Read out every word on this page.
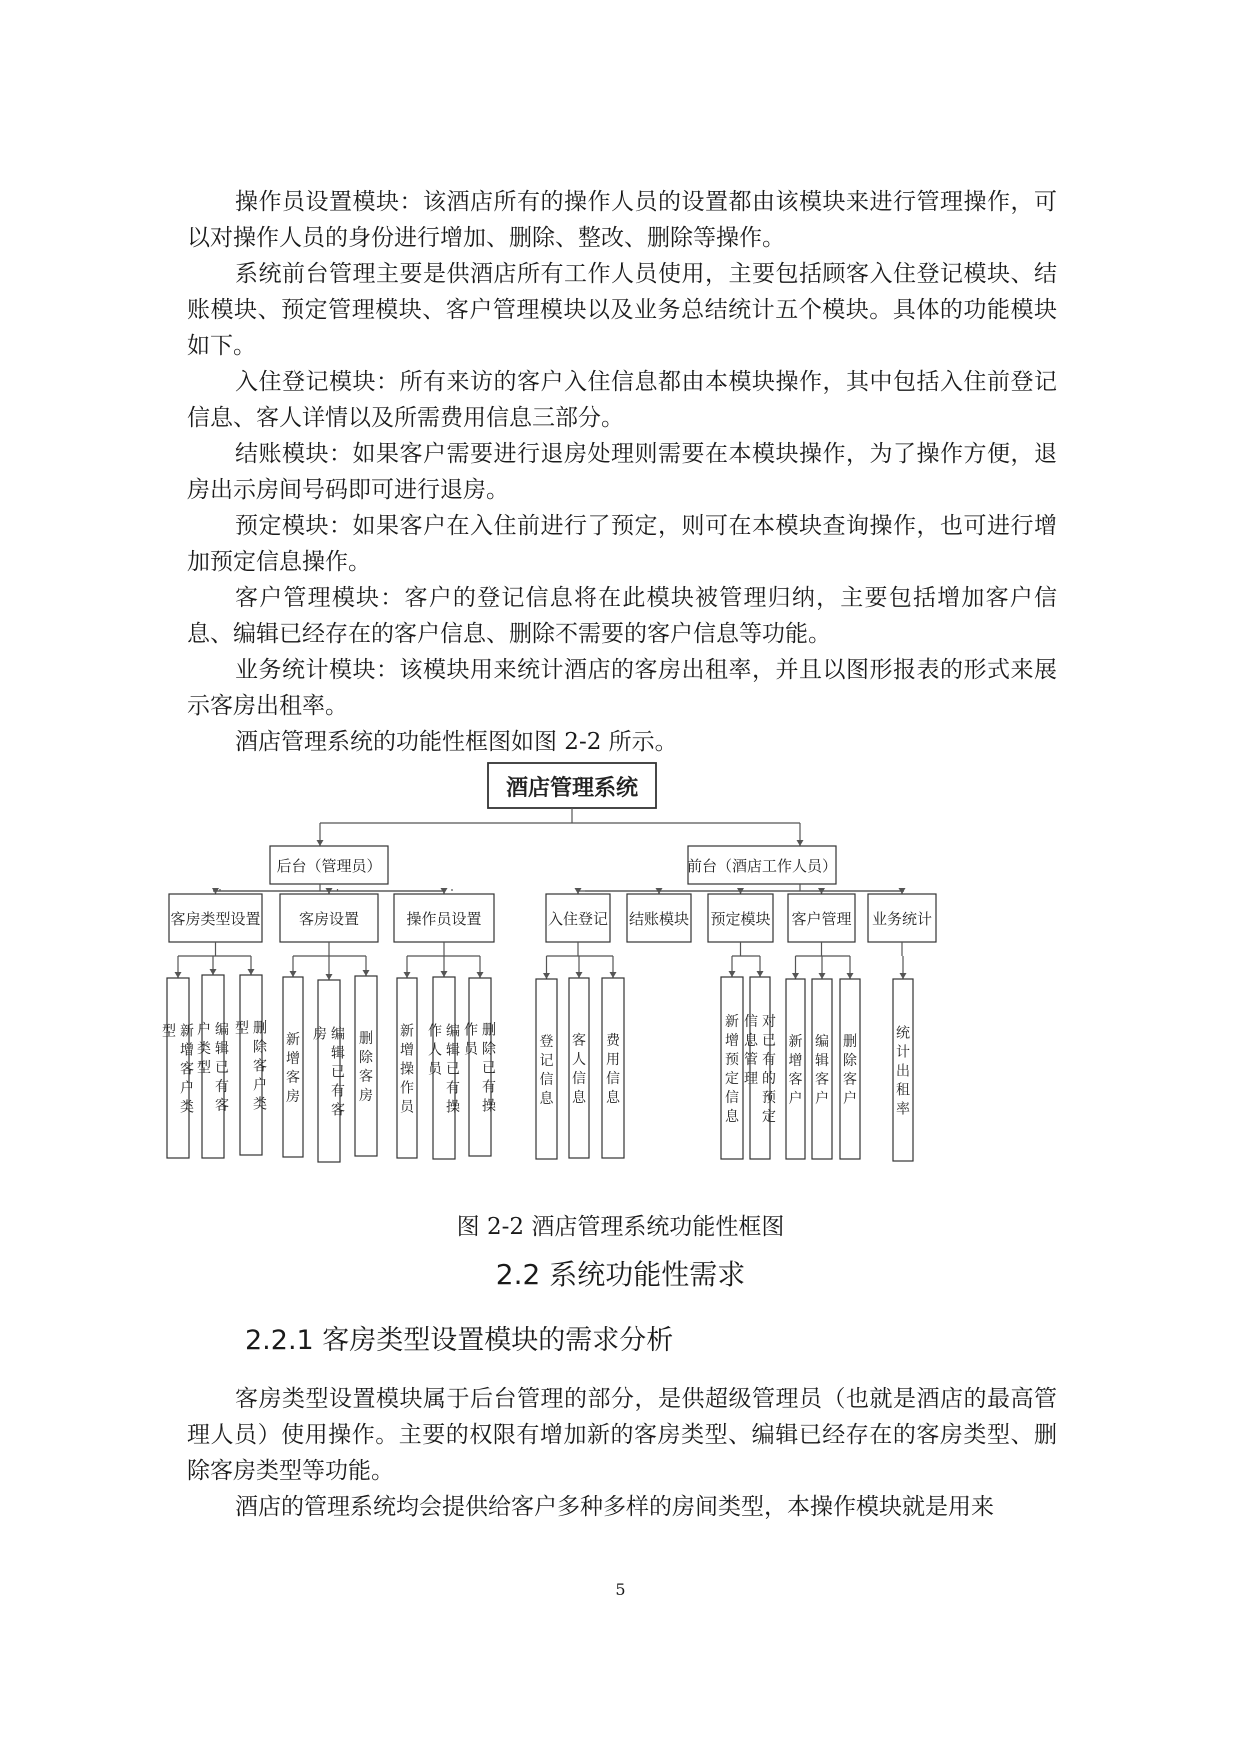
操作员设置模块：该酒店所有的操作人员的设置都由该模块来进行管理操作，可以对操作人员的身份进行增加、删除、整改、删除等操作。

系统前台管理主要是供酒店所有工作人员使用，主要包括顾客入住登记模块、结账模块、预定管理模块、客户管理模块以及业务总结统计五个模块。具体的功能模块如下。

入住登记模块：所有来访的客户入住信息都由本模块操作，其中包括入住前登记信息、客人详情以及所需费用信息三部分。

结账模块：如果客户需要进行退房处理则需要在本模块操作，为了操作方便，退房出示房间号码即可进行退房。

预定模块：如果客户在入住前进行了预定，则可在本模块查询操作，也可进行增加预定信息操作。

客户管理模块：客户的登记信息将在此模块被管理归纳，主要包括增加客户信息、编辑已经存在的客户信息、删除不需要的客户信息等功能。

业务统计模块：该模块用来统计酒店的客房出租率，并且以图形报表的形式来展示客房出租率。

酒店管理系统的功能性框图如图 2-2 所示。

酒店管理系统
后台（管理员）	前台（酒店工作人员）
客房类型设置	客房设置	操作员设置	入住登记 结账模块 预定模块 客户管理 业务统计
新增客户类
型	编辑已有客
户类型
删除客户类
型
新增客房
编辑已有客
房 删除客房
新增操作员
编辑已有操
作人员
删除已有操
作员	登记信息
客人信息
费用信息
新增预定信息
对已有的预定
信息管理
新增客户
编辑客户
删除客户
统计出租率

图 2-2 酒店管理系统功能性框图

2.2 系统功能性需求
2.2.1 客房类型设置模块的需求分析

客房类型设置模块属于后台管理的部分，是供超级管理员（也就是酒店的最高管理人员）使用操作。主要的权限有增加新的客房类型、编辑已经存在的客房类型、删除客房类型等功能。

酒店的管理系统均会提供给客户多种多样的房间类型，本操作模块就是用来

5
